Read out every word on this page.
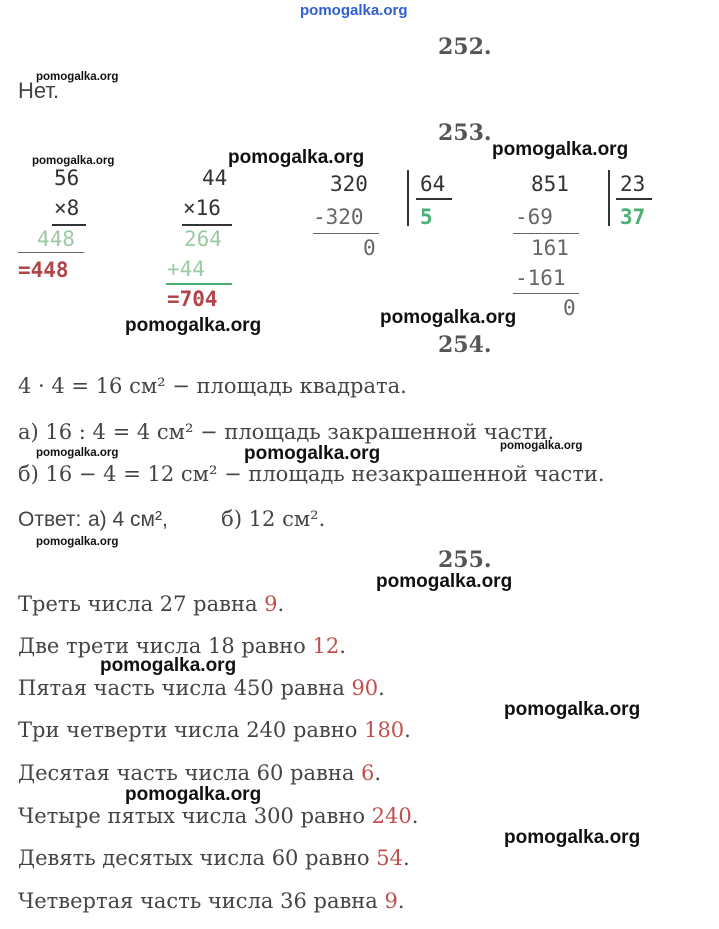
pomogalka.org
252.
pomogalka.org
Нет.
253.
pomogalka.org	pomogalka.org	pomogalka.org
56
×8
448
=448
44
×16
264
+44
=704
320 64
-320	5
0
851 23
-69	37
161
-161
0
pomogalka.org	pomogalka.org
254.
4 · 4 = 16 см² − площадь квадрата.
а) 16 : 4 = 4 см² − площадь закрашенной части.
pomogalka.org
pomogalka.org
pomogalka.org
б) 16 − 4 = 12 см² − площадь незакрашенной части.
Ответ: а) 4 см²,	б) 12 см².
pomogalka.org
255.
pomogalka.org
Треть числа 27 равна 9.
Две трети числа 18 равно 12.
pomogalka.org
Пятая часть числа 450 равна 90.
pomogalka.org
Три четверти числа 240 равно 180.
Десятая часть числа 60 равна 6.
pomogalka.org
Четыре пятых числа 300 равно 240.
pomogalka.org
Девять десятых числа 60 равно 54.
Четвертая часть числа 36 равна 9.
